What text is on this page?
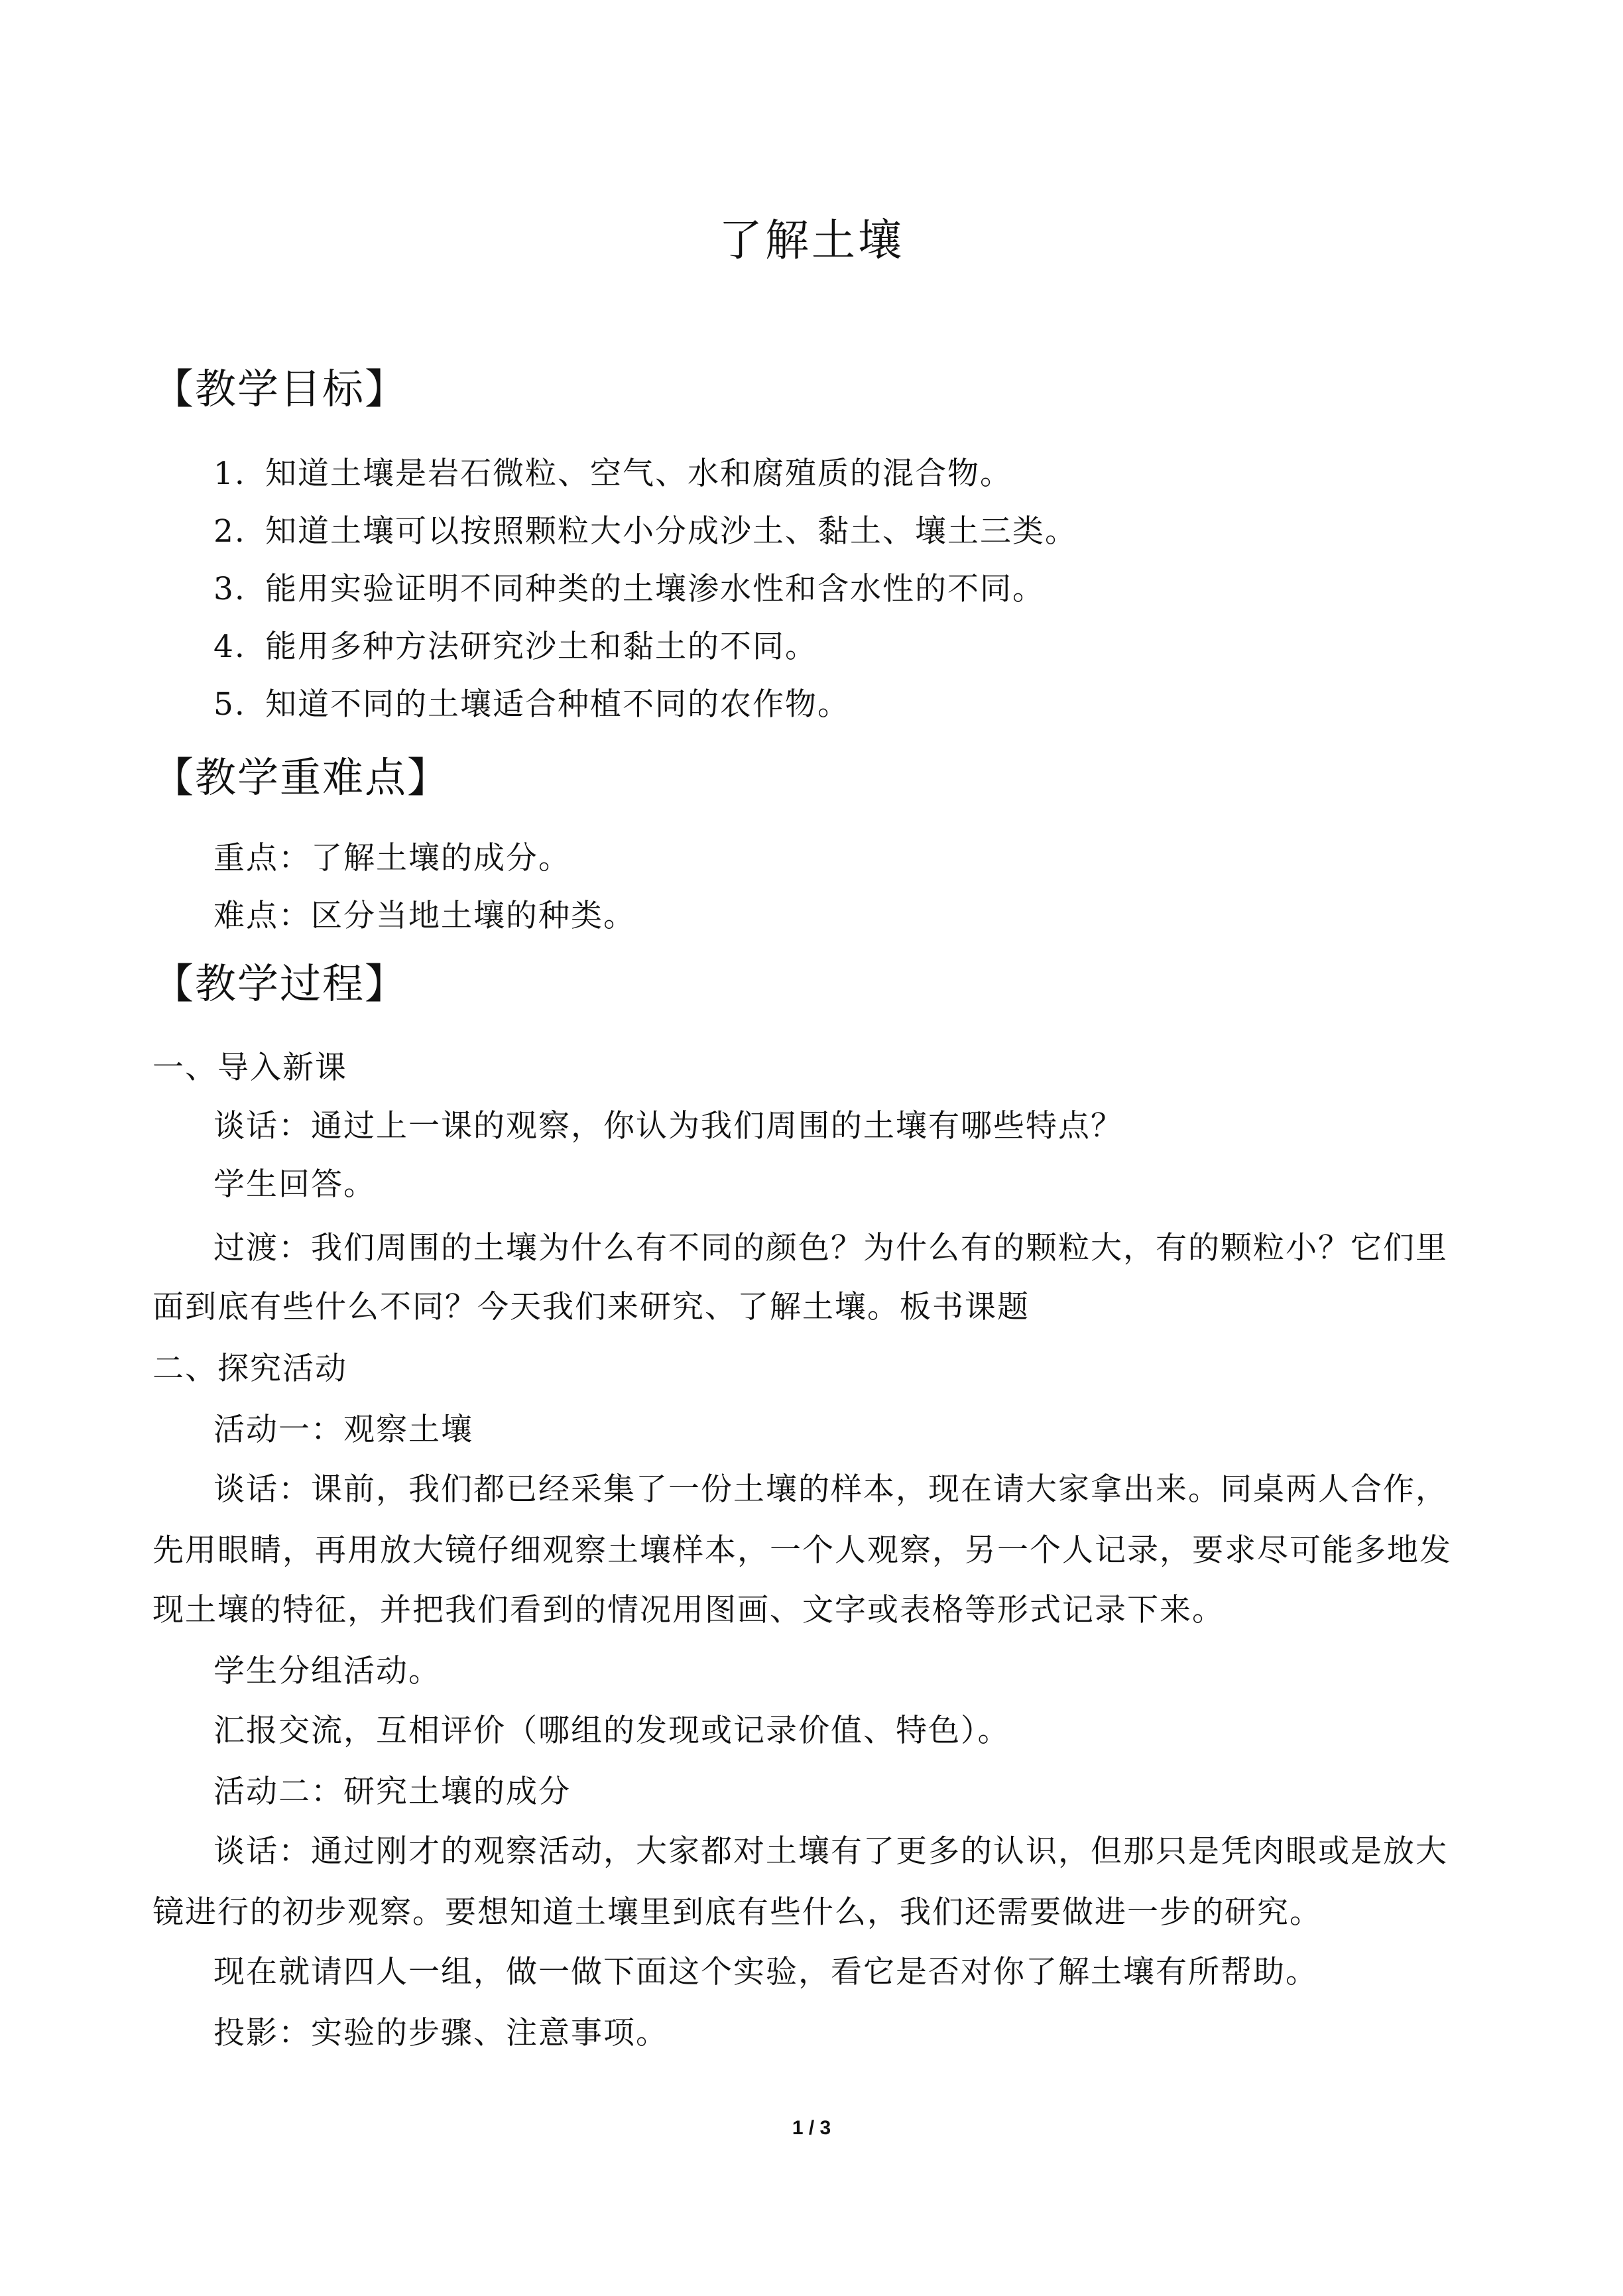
了解土壤
【教学目标】
1. 知道土壤是岩石微粒、空气、水和腐殖质的混合物。
2. 知道土壤可以按照颗粒大小分成沙土、黏土、壤土三类。
3. 能用实验证明不同种类的土壤渗水性和含水性的不同。
4. 能用多种方法研究沙土和黏土的不同。
5. 知道不同的土壤适合种植不同的农作物。
【教学重难点】
重点：了解土壤的成分。
难点：区分当地土壤的种类。
【教学过程】
一、导入新课
谈话：通过上一课的观察，你认为我们周围的土壤有哪些特点？
学生回答。
过渡：我们周围的土壤为什么有不同的颜色？为什么有的颗粒大，有的颗粒小？它们里
面到底有些什么不同？今天我们来研究、了解土壤。板书课题
二、探究活动
活动一：观察土壤
谈话：课前，我们都已经采集了一份土壤的样本，现在请大家拿出来。同桌两人合作，
先用眼睛，再用放大镜仔细观察土壤样本，一个人观察，另一个人记录，要求尽可能多地发
现土壤的特征，并把我们看到的情况用图画、文字或表格等形式记录下来。
学生分组活动。
汇报交流，互相评价（哪组的发现或记录价值、特色）。
活动二：研究土壤的成分
谈话：通过刚才的观察活动，大家都对土壤有了更多的认识，但那只是凭肉眼或是放大
镜进行的初步观察。要想知道土壤里到底有些什么，我们还需要做进一步的研究。
现在就请四人一组，做一做下面这个实验，看它是否对你了解土壤有所帮助。
投影：实验的步骤、注意事项。
1 / 3
